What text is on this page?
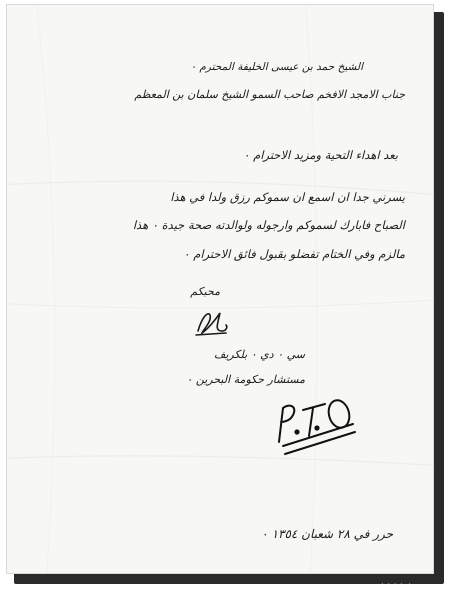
الشيخ حمد بن عيسى الخليفة المحترم ٠
جناب الامجد الافخم صاحب السمو الشيخ سلمان بن المعظم
بعد اهداء التحية ومزيد الاحترام ٠
يسرني جدا ان اسمع ان سموكم رزق ولدا في هذا
الصباح فابارك لسموكم وارجوله ولوالدته صحة جيدة ٠ هذا
مالزم وفي الختام تفضلو بقبول فائق الاحترام ٠
محبكم
سي ٠ دي ٠ بلكريف
مستشار حكومة البحرين ٠
حرر في ٢٨ شعبان ١٣٥٤ ٠
www.hiddcity.com
